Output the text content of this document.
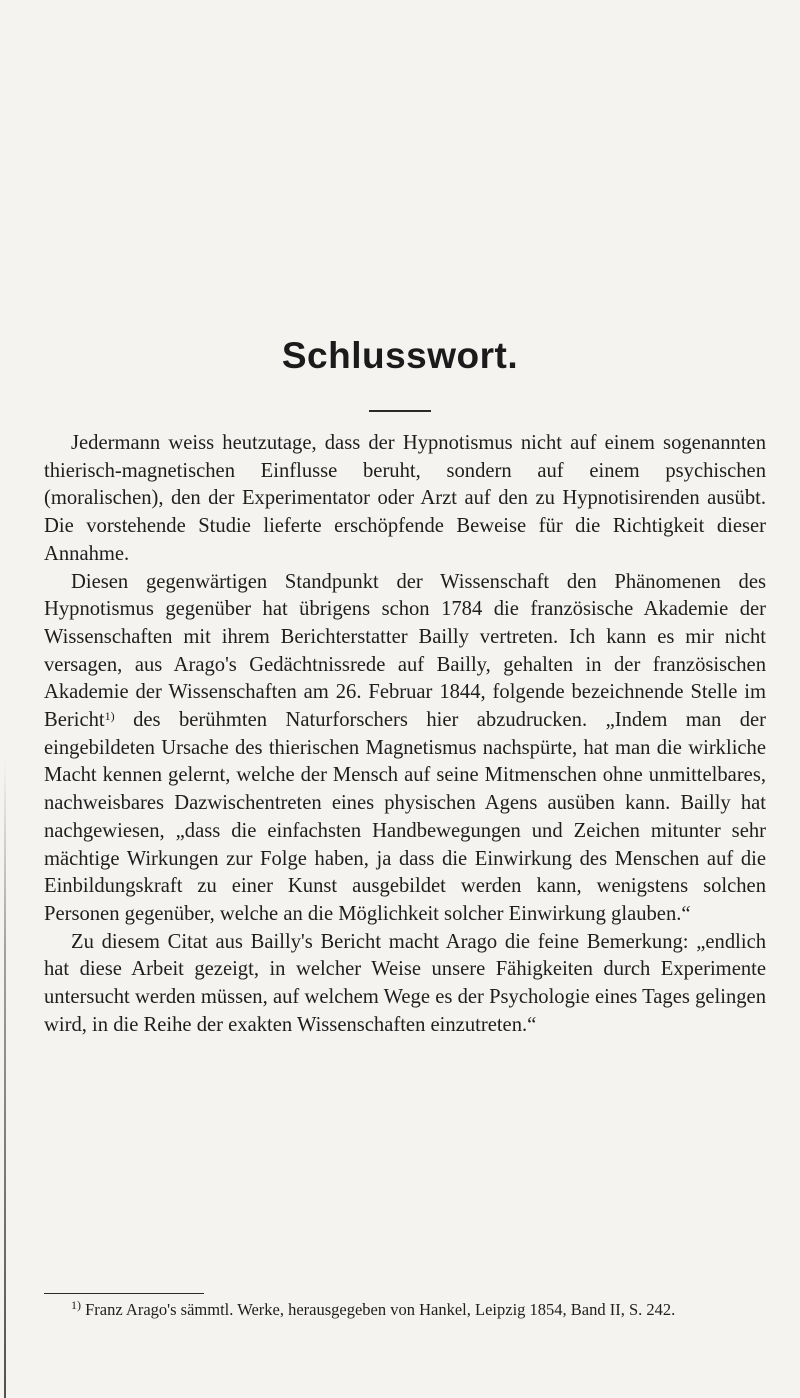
Schlusswort.

Jedermann weiss heutzutage, dass der Hypnotismus nicht auf einem sogenannten thierisch-magnetischen Einflusse beruht, sondern auf einem psychischen (moralischen), den der Experimentator oder Arzt auf den zu Hypnotisirenden ausübt. Die vorstehende Studie lieferte erschöpfende Beweise für die Richtigkeit dieser Annahme.

Diesen gegenwärtigen Standpunkt der Wissenschaft den Phänomenen des Hypnotismus gegenüber hat übrigens schon 1784 die französische Akademie der Wissenschaften mit ihrem Berichterstatter Bailly vertreten. Ich kann es mir nicht versagen, aus Arago's Gedächtnissrede auf Bailly, gehalten in der französischen Akademie der Wissenschaften am 26. Februar 1844, folgende bezeichnende Stelle im Bericht$^{1)}$ des berühmten Naturforschers hier abzudrucken. „Indem man der eingebildeten Ursache des thierischen Magnetismus nachspürte, hat man die wirkliche Macht kennen gelernt, welche der Mensch auf seine Mitmenschen ohne unmittelbares, nachweisbares Dazwischentreten eines physischen Agens ausüben kann. Bailly hat nachgewiesen, „dass die einfachsten Handbewegungen und Zeichen mitunter sehr mächtige Wirkungen zur Folge haben, ja dass die Einwirkung des Menschen auf die Einbildungskraft zu einer Kunst ausgebildet werden kann, wenigstens solchen Personen gegenüber, welche an die Möglichkeit solcher Einwirkung glauben.“

Zu diesem Citat aus Bailly's Bericht macht Arago die feine Bemerkung: „endlich hat diese Arbeit gezeigt, in welcher Weise unsere Fähigkeiten durch Experimente untersucht werden müssen, auf welchem Wege es der Psychologie eines Tages gelingen wird, in die Reihe der exakten Wissenschaften einzutreten.“

$^{1)}$ Franz Arago's sämmtl. Werke, herausgegeben von Hankel, Leipzig 1854, Band II, S. 242.
